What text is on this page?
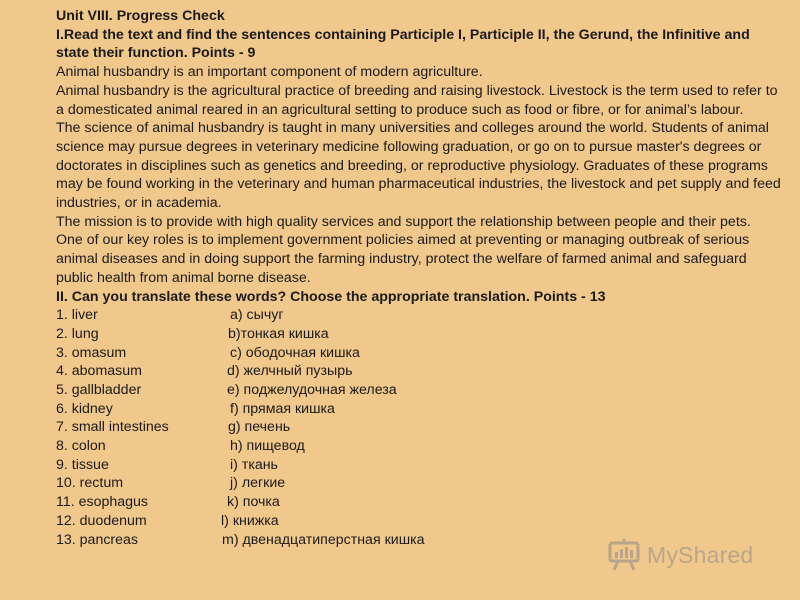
Unit VIII. Progress Check
I.Read the text and find the sentences containing Participle I, Participle II, the Gerund, the Infinitive and state their function. Points - 9

Animal husbandry is an important component of modern agriculture.

Animal husbandry is the agricultural practice of breeding and raising livestock. Livestock is the term used to refer to a domesticated animal reared in an agricultural setting to produce such as food or fibre, or for animal’s labour.

The science of animal husbandry is taught in many universities and colleges around the world. Students of animal science may pursue degrees in veterinary medicine following graduation, or go on to pursue master's degrees or doctorates in disciplines such as genetics and breeding, or reproductive physiology. Graduates of these programs may be found working in the veterinary and human pharmaceutical industries, the livestock and pet supply and feed industries, or in academia.

The mission is to provide with high quality services and support the relationship between people and their pets. One of our key roles is to implement government policies aimed at preventing or managing outbreak of serious animal diseases and in doing support the farming industry, protect the welfare of farmed animal and safeguard public health from animal borne disease.

II. Can you translate these words? Choose the appropriate translation. Points - 13
1. liver	a) сычуг
2. lung	b)тонкая кишка
3. omasum	c) ободочная кишка
4. abomasum	d) желчный пузырь
5. gallbladder	e) поджелудочная железа
6. kidney	f) прямая кишка
7. small intestines	g) печень
8. colon	h) пищевод
9. tissue	i) ткань
10. rectum	j) легкие
11. esophagus	k) почка
12. duodenum	l) книжка
13. pancreas	m) двенадцатиперстная кишка
MyShared
